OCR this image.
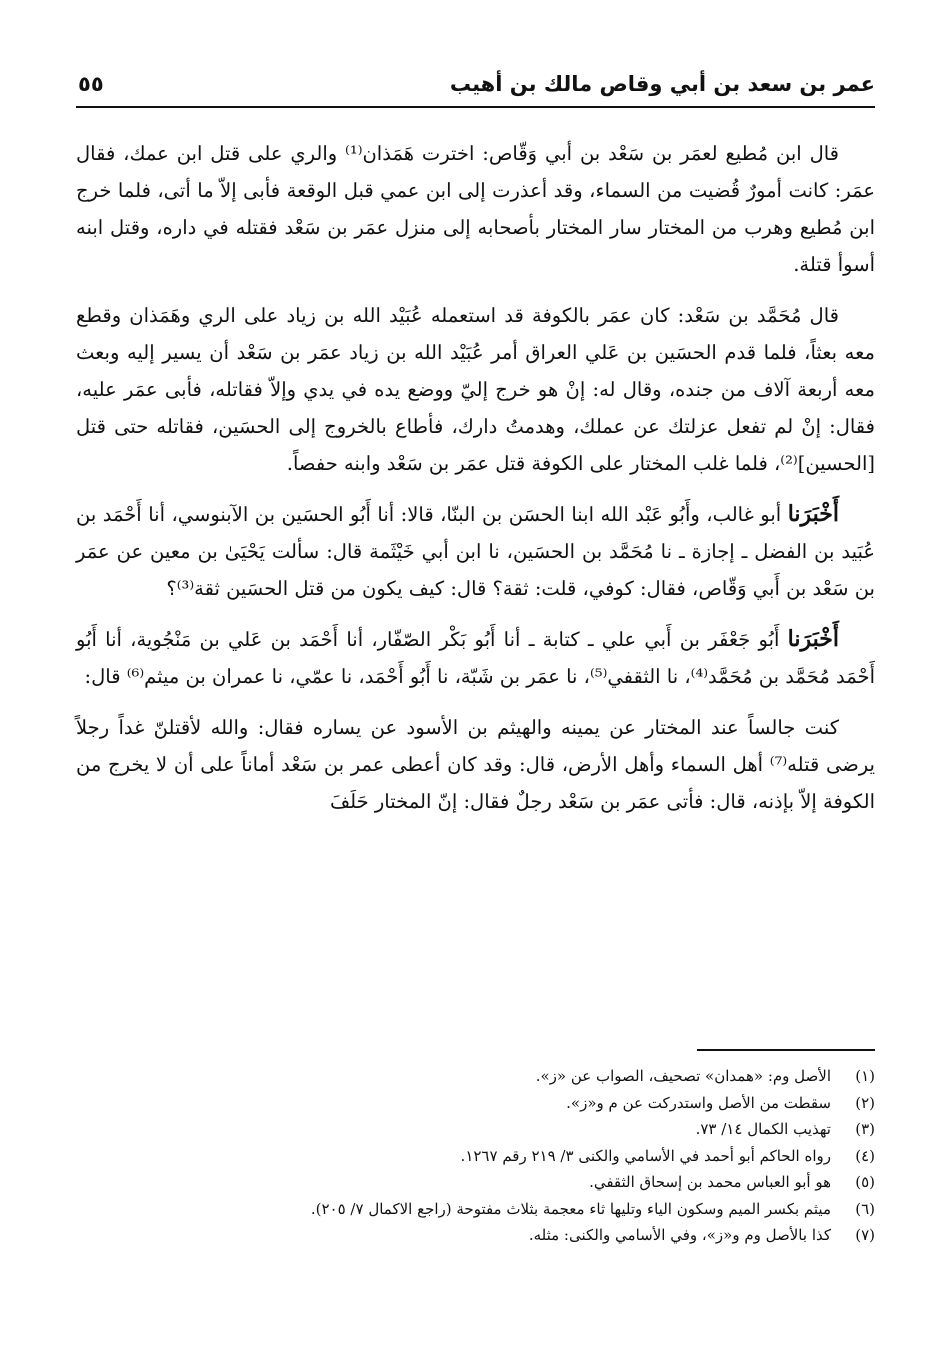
عمر بن سعد بن أبي وقاص مالك بن أهيب
٥٥

قال ابن مُطيع لعمَر بن سَعْد بن أبي وَقّاص: اخترت هَمَذان⁽¹⁾ والري على قتل ابن عمك، فقال عمَر: كانت أمورٌ قُضيت من السماء، وقد أعذرت إلى ابن عمي قبل الوقعة فأبى إلاّ ما أتى، فلما خرج ابن مُطيع وهرب من المختار سار المختار بأصحابه إلى منزل عمَر بن سَعْد فقتله في داره، وقتل ابنه أسوأ قتلة.

قال مُحَمَّد بن سَعْد: كان عمَر بالكوفة قد استعمله عُبَيْد الله بن زياد على الري وهَمَذان وقطع معه بعثاً، فلما قدم الحسَين بن عَلي العراق أمر عُبَيْد الله بن زياد عمَر بن سَعْد أن يسير إليه وبعث معه أربعة آلاف من جنده، وقال له: إنْ هو خرج إليّ ووضع يده في يدي وإلاّ فقاتله، فأبى عمَر عليه، فقال: إنْ لم تفعل عزلتك عن عملك، وهدمتُ دارك، فأطاع بالخروج إلى الحسَين، فقاتله حتى قتل [الحسين]⁽²⁾، فلما غلب المختار على الكوفة قتل عمَر بن سَعْد وابنه حفصاً.

أَخْبَرَنا أبو غالب، وأَبُو عَبْد الله ابنا الحسَن بن البنّا، قالا: أنا أَبُو الحسَين بن الآبنوسي، أنا أَحْمَد بن عُبَيد بن الفضل ـ إجازة ـ نا مُحَمَّد بن الحسَين، نا ابن أبي خَيْثَمة قال: سألت يَحْيَىٰ بن معين عن عمَر بن سَعْد بن أَبي وَقّاص، فقال: كوفي، قلت: ثقة؟ قال: كيف يكون من قتل الحسَين ثقة⁽³⁾؟

أَخْبَرَنا أَبُو جَعْفَر بن أَبي علي ـ كتابة ـ أنا أَبُو بَكْر الصّفّار، أنا أَحْمَد بن عَلي بن مَنْجُوية، أنا أَبُو أَحْمَد مُحَمَّد بن مُحَمَّد⁽⁴⁾، نا الثقفي⁽⁵⁾، نا عمَر بن شَبّة، نا أَبُو أَحْمَد، نا عمّي، نا عمران بن ميثم⁽⁶⁾ قال:

كنت جالساً عند المختار عن يمينه والهيثم بن الأسود عن يساره فقال: والله لأقتلنّ غداً رجلاً يرضى قتله⁽⁷⁾ أهل السماء وأهل الأرض، قال: وقد كان أعطى عمر بن سَعْد أماناً على أن لا يخرج من الكوفة إلاّ بإذنه، قال: فأتى عمَر بن سَعْد رجلٌ فقال: إنّ المختار حَلَفَ

(١)
الأصل وم: «همدان» تصحيف، الصواب عن «ز».
(٢)
سقطت من الأصل واستدركت عن م و«ز».
(٣)
تهذيب الكمال ١٤/ ٧٣.
(٤)
رواه الحاكم أبو أحمد في الأسامي والكنى ٣/ ٢١٩ رقم ١٢٦٧.
(٥)
هو أبو العباس محمد بن إسحاق الثقفي.
(٦)
ميثم بكسر الميم وسكون الياء وتليها ثاء معجمة بثلاث مفتوحة (راجع الاكمال ٧/ ٢٠٥).
(٧)
كذا بالأصل وم و«ز»، وفي الأسامي والكنى: مثله.
